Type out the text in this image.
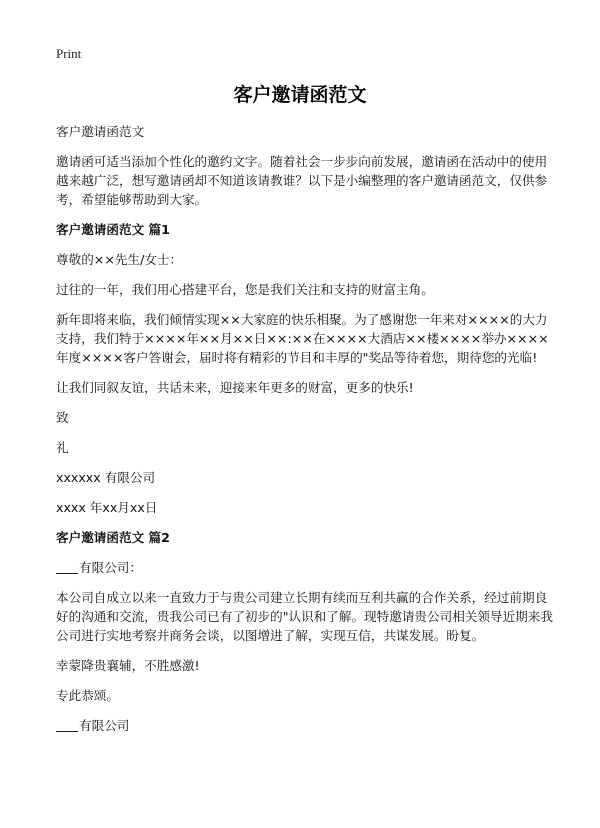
Print
客户邀请函范文
客户邀请函范文
邀请函可适当添加个性化的邀约文字。随着社会一步步向前发展，邀请函在活动中的使用越来越广泛，想写邀请函却不知道该请教谁？以下是小编整理的客户邀请函范文，仅供参考，希望能够帮助到大家。
客户邀请函范文 篇1
尊敬的××先生/女士：
过往的一年，我们用心搭建平台，您是我们关注和支持的财富主角。
新年即将来临，我们倾情实现××大家庭的快乐相聚。为了感谢您一年来对××××的大力支持，我们特于××××年××月××日××:××在××××大酒店××楼××××举办××××年度××××客户答谢会，届时将有精彩的节目和丰厚的"奖品等待着您，期待您的光临!
让我们同叙友谊，共话未来，迎接来年更多的财富，更多的快乐!
致
礼
xxxxxx 有限公司
xxxx 年xx月xx日
客户邀请函范文 篇2
有限公司：
本公司自成立以来一直致力于与贵公司建立长期有续而互利共赢的合作关系，经过前期良好的沟通和交流，贵我公司已有了初步的"认识和了解。现特邀请贵公司相关领导近期来我公司进行实地考察并商务会谈，以图增进了解，实现互信，共谋发展。盼复。
幸蒙降贵襄辅，不胜感激!
专此恭颂。
有限公司
